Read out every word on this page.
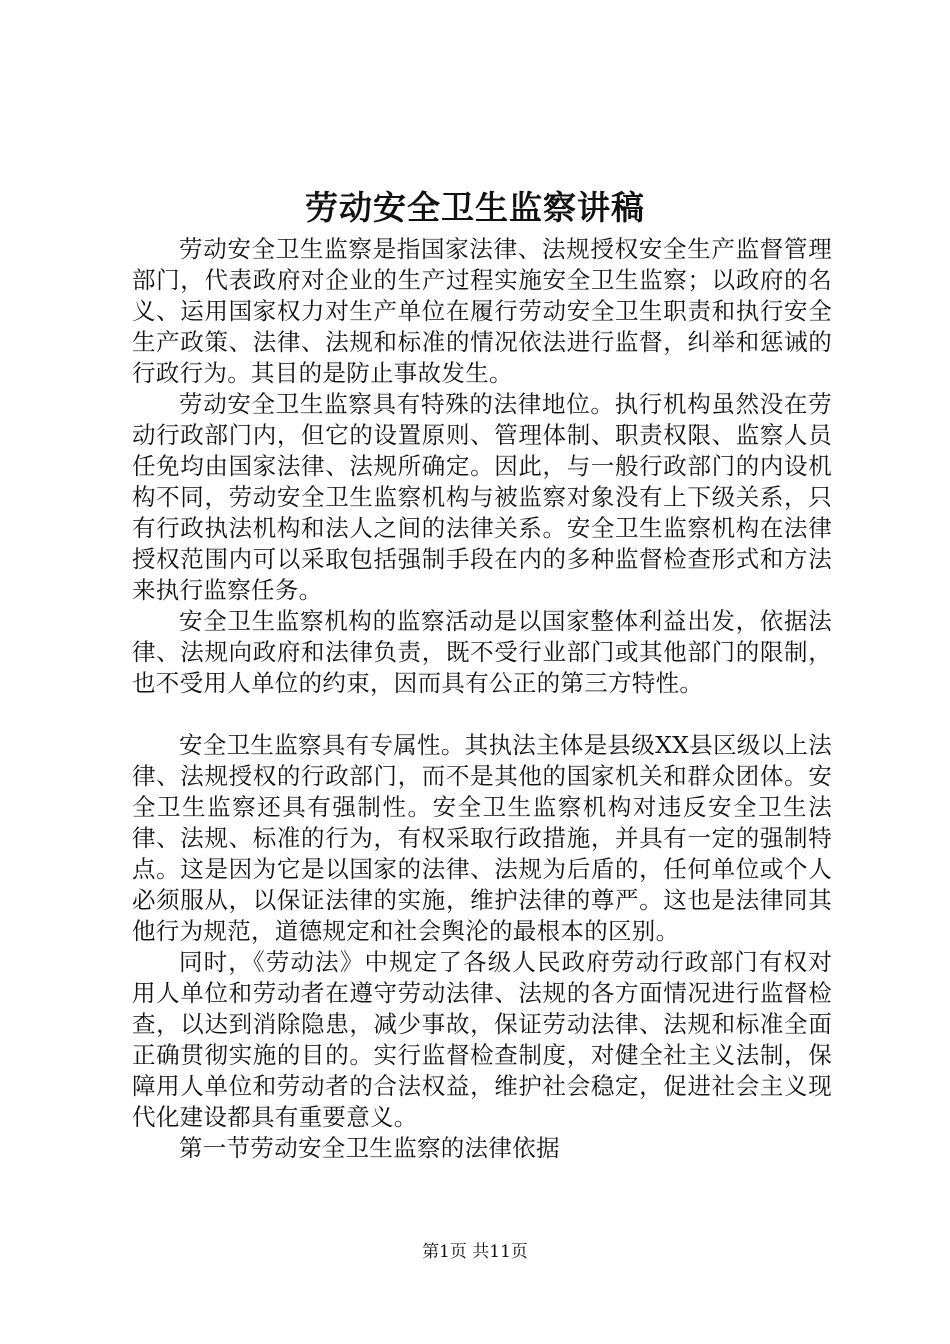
劳动安全卫生监察讲稿

劳动安全卫生监察是指国家法律、法规授权安全生产监督管理部门，代表政府对企业的生产过程实施安全卫生监察；以政府的名义、运用国家权力对生产单位在履行劳动安全卫生职责和执行安全生产政策、法律、法规和标准的情况依法进行监督，纠举和惩诫的行政行为。其目的是防止事故发生。

劳动安全卫生监察具有特殊的法律地位。执行机构虽然没在劳动行政部门内，但它的设置原则、管理体制、职责权限、监察人员任免均由国家法律、法规所确定。因此，与一般行政部门的内设机构不同，劳动安全卫生监察机构与被监察对象没有上下级关系，只有行政执法机构和法人之间的法律关系。安全卫生监察机构在法律授权范围内可以采取包括强制手段在内的多种监督检查形式和方法来执行监察任务。

安全卫生监察机构的监察活动是以国家整体利益出发，依据法律、法规向政府和法律负责，既不受行业部门或其他部门的限制，也不受用人单位的约束，因而具有公正的第三方特性。

安全卫生监察具有专属性。其执法主体是县级XX县区级以上法律、法规授权的行政部门，而不是其他的国家机关和群众团体。安全卫生监察还具有强制性。安全卫生监察机构对违反安全卫生法律、法规、标准的行为，有权采取行政措施，并具有一定的强制特点。这是因为它是以国家的法律、法规为后盾的，任何单位或个人必须服从，以保证法律的实施，维护法律的尊严。这也是法律同其他行为规范，道德规定和社会舆沦的最根本的区别。

同时，《劳动法》中规定了各级人民政府劳动行政部门有权对用人单位和劳动者在遵守劳动法律、法规的各方面情况进行监督检查，以达到消除隐患，减少事故，保证劳动法律、法规和标准全面正确贯彻实施的目的。实行监督检查制度，对健全社主义法制，保障用人单位和劳动者的合法权益，维护社会稳定，促进社会主义现代化建设都具有重要意义。

第一节劳动安全卫生监察的法律依据

第1页 共11页
